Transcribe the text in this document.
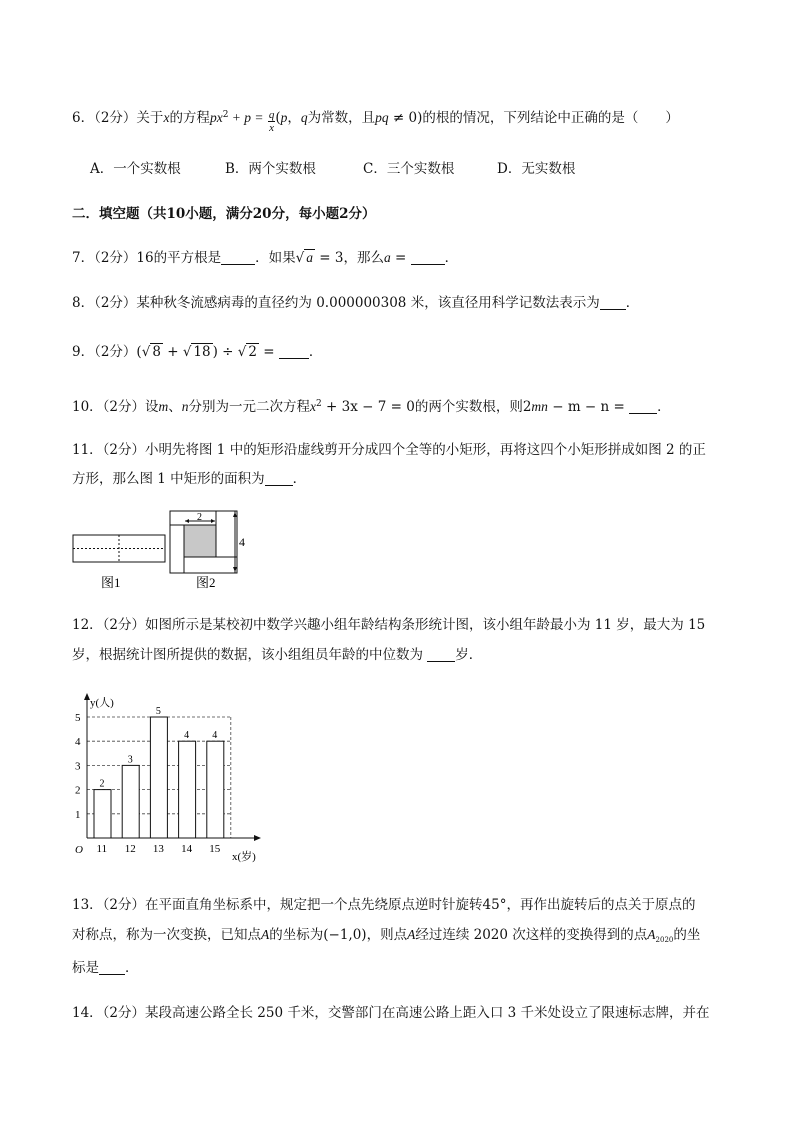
6．（2分）关于x的方程$px^2 + p = \frac{q}{x} (p$，q为常数，且pq ≠ 0)的根的情况，下列结论中正确的是（　　）
A．一个实数根	B．两个实数根	C．三个实数根	D．无实数根
二．填空题（共10小题，满分20分，每小题2分）
7．（2分）16的平方根是	．如果√ a = 3，那么a =	．
8．（2分）某种秋冬流感病毒的直径约为 0.000000308 米，该直径用科学记数法表示为 ．
9．（2分）(√ 8 + √ 18 ) ÷ √ 2 =	．
10．（2分）设m、n分别为一元二次方程$x^2 + 3x - 7 = 0$的两个实数根，则2mn − m − n = ．
11．（2分）小明先将图 1 中的矩形沿虚线剪开分成四个全等的小矩形，再将这四个小矩形拼成如图 2 的正
方形，那么图 1 中矩形的面积为 ．
图1
2
4
图2
12．（2分）如图所示是某校初中数学兴趣小组年龄结构条形统计图，该小组年龄最小为 11 岁，最大为 15
岁，根据统计图所提供的数据，该小组组员年龄的中位数为 岁．
y(人)
x(岁)
O
1
2
3
4
5
11 12 13 14 15
2
3
5
4 4
13．（2分）在平面直角坐标系中，规定把一个点先绕原点逆时针旋转45°，再作出旋转后的点关于原点的
对称点，称为一次变换，已知点A的坐标为(−1,0)，则点A经过连续 2020 次这样的变换得到的点$A_{2020}$的坐
标是 ．
14．（2分）某段高速公路全长 250 千米，交警部门在高速公路上距入口 3 千米处设立了限速标志牌，并在
